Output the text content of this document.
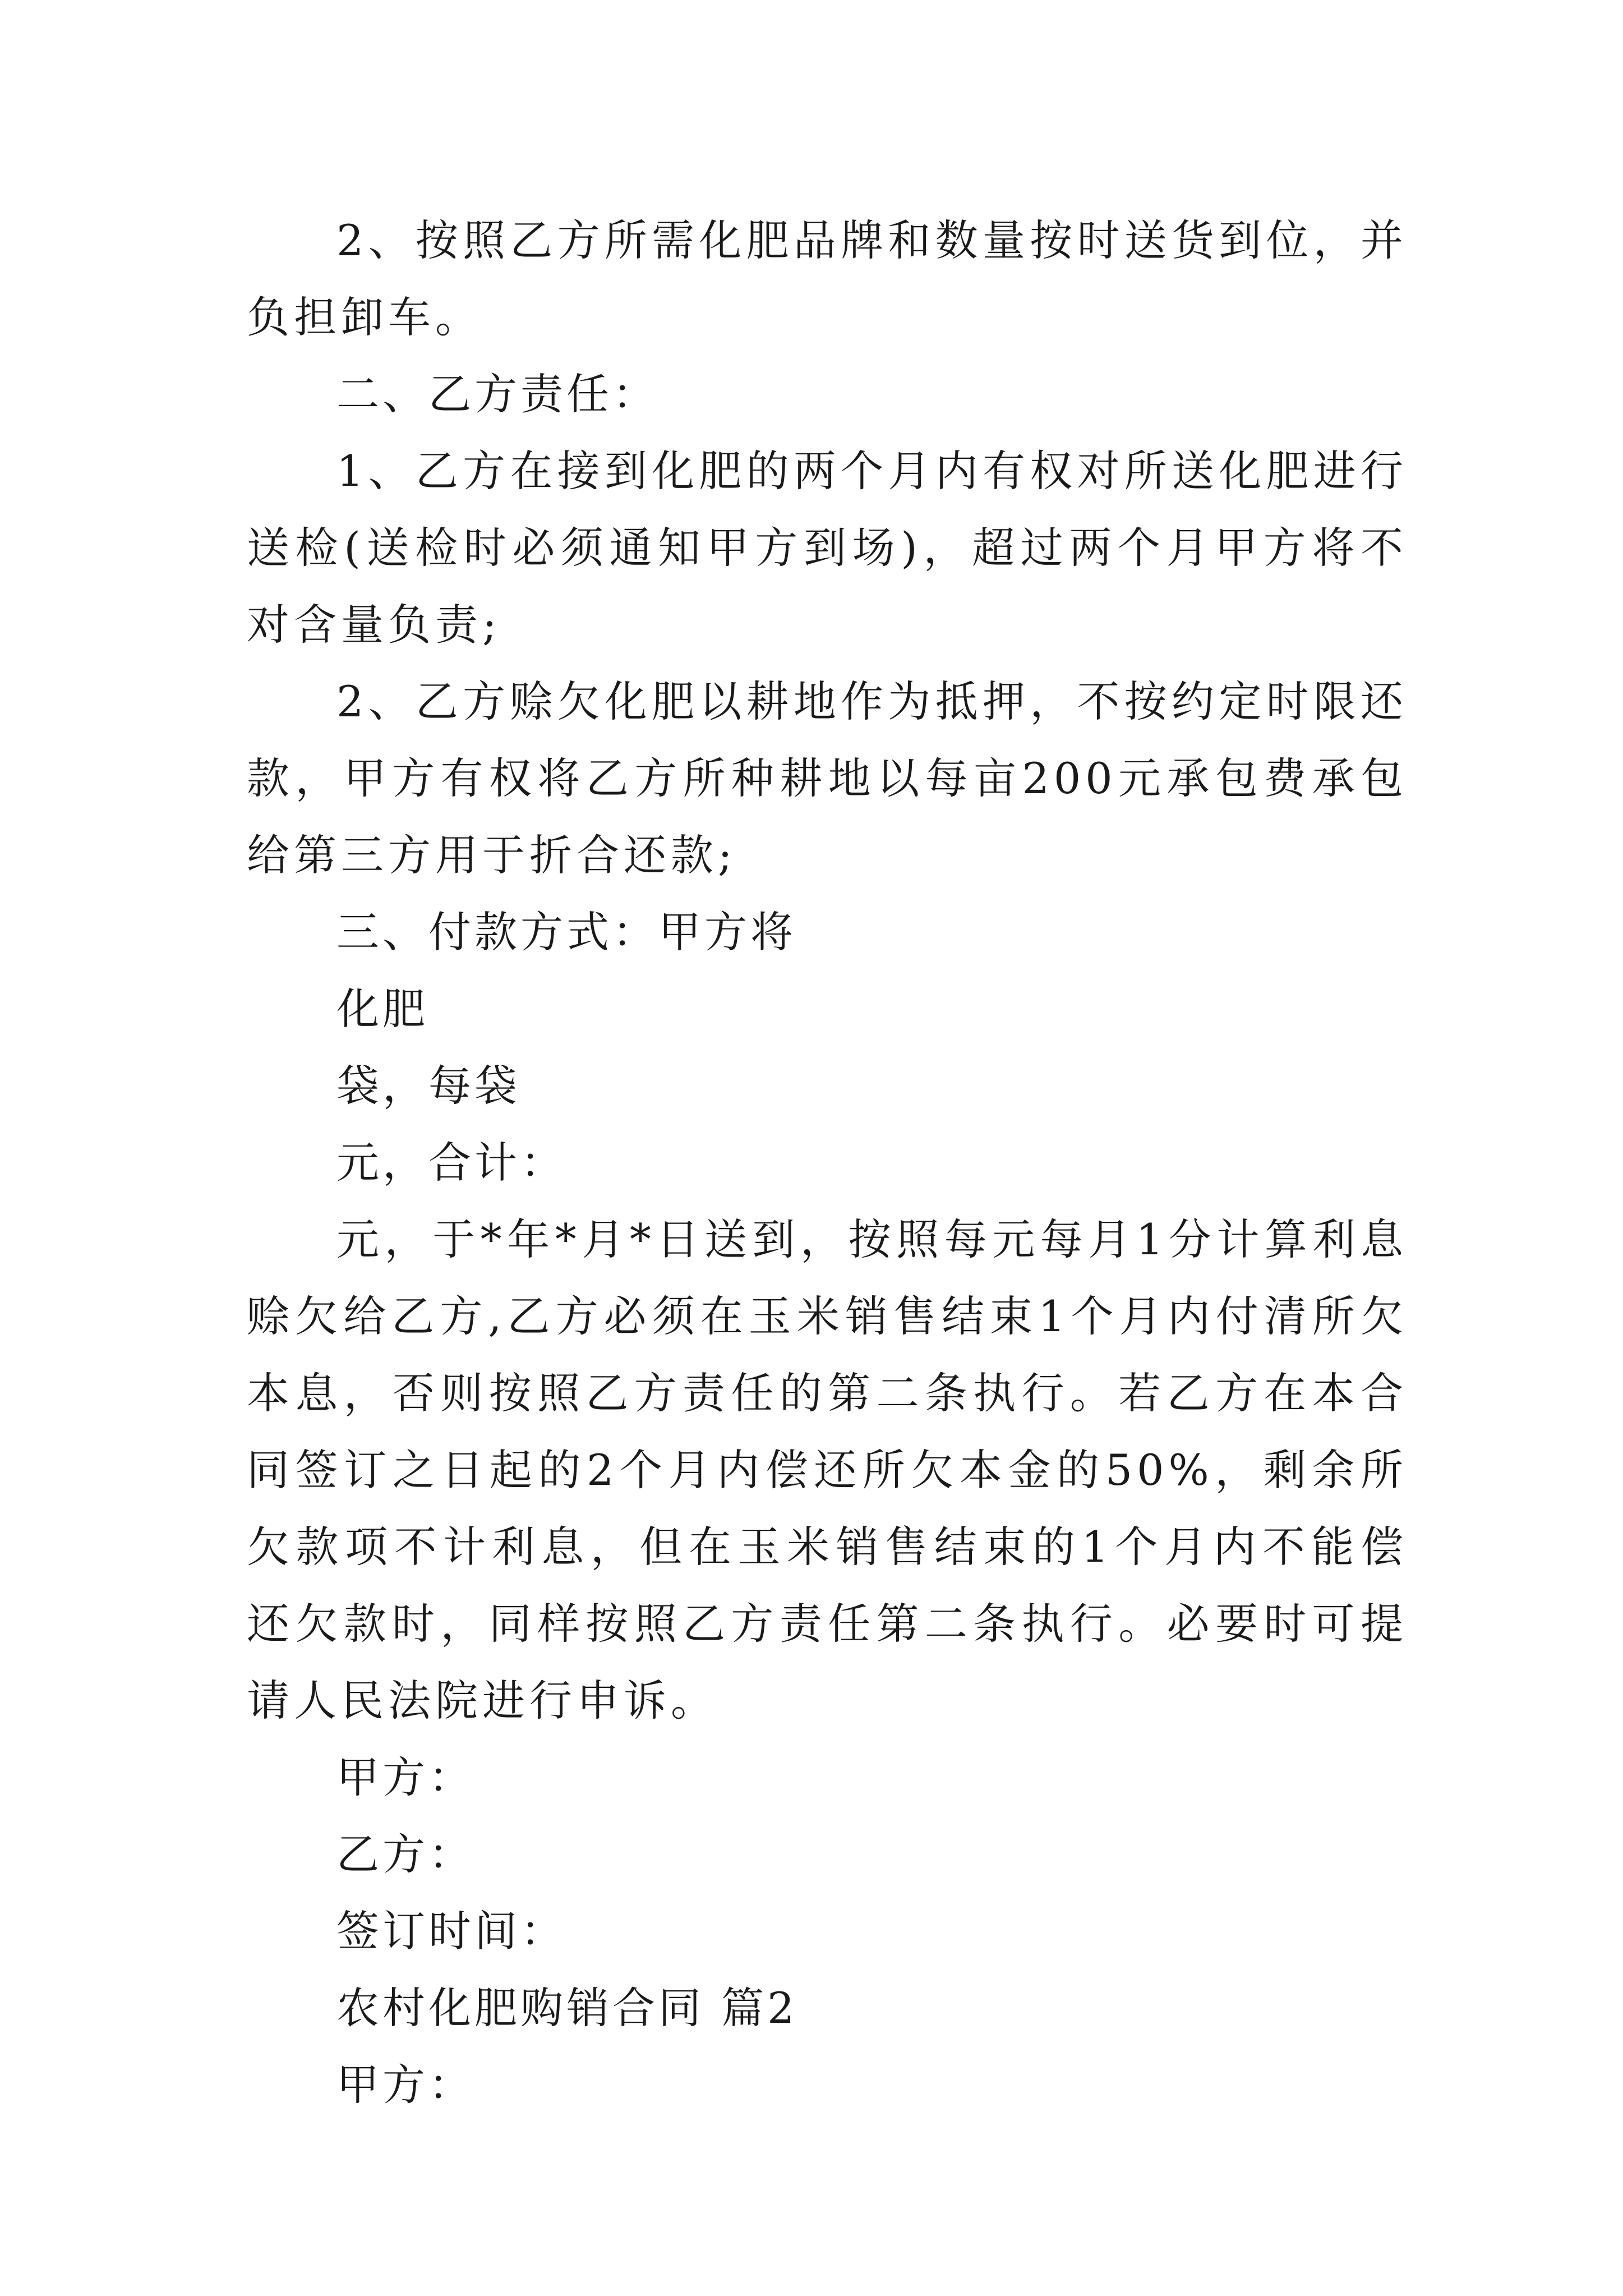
2、按照乙方所需化肥品牌和数量按时送货到位，并负担卸车。

二、乙方责任：

1、乙方在接到化肥的两个月内有权对所送化肥进行送检(送检时必须通知甲方到场)，超过两个月甲方将不对含量负责;

2、乙方赊欠化肥以耕地作为抵押，不按约定时限还款，甲方有权将乙方所种耕地以每亩200元承包费承包给第三方用于折合还款;

三、付款方式：甲方将

化肥

袋，每袋

元，合计：

元，于*年*月*日送到，按照每元每月1分计算利息赊欠给乙方,乙方必须在玉米销售结束1个月内付清所欠本息，否则按照乙方责任的第二条执行。若乙方在本合同签订之日起的2个月内偿还所欠本金的50%，剩余所欠款项不计利息，但在玉米销售结束的1个月内不能偿还欠款时，同样按照乙方责任第二条执行。必要时可提请人民法院进行申诉。

甲方：

乙方：

签订时间：

农村化肥购销合同 篇2

甲方：
